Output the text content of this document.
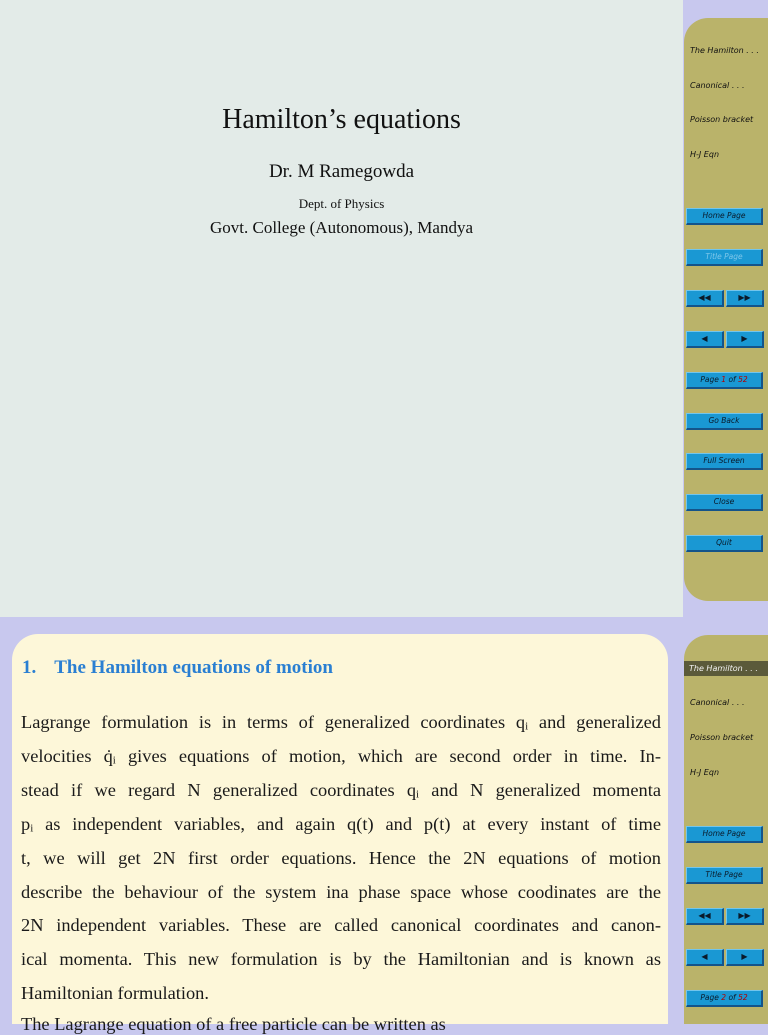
Hamilton’s equations
Dr. M Ramegowda
Dept. of Physics
Govt. College (Autonomous), Mandya
The Hamilton . . .
Canonical . . .
Poisson bracket
H-J Eqn
Home Page
Title Page
◀◀	▶▶
◀	▶
Page 1 of 52
Go Back
Full Screen
Close
Quit
1. The Hamilton equations of motion
Lagrange formulation is in terms of generalized coordinates qᵢ and generalized
velocities q̇ᵢ gives equations of motion, which are second order in time. In-
stead if we regard N generalized coordinates qᵢ and N generalized momenta
pᵢ as independent variables, and again q(t) and p(t) at every instant of time
t, we will get 2N first order equations. Hence the 2N equations of motion
describe the behaviour of the system ina phase space whose coodinates are the
2N independent variables. These are called canonical coordinates and canon-
ical momenta. This new formulation is by the Hamiltonian and is known as
Hamiltonian formulation.
The Lagrange equation of a free particle can be written as
The Hamilton . . .
Canonical . . .
Poisson bracket
H-J Eqn
Home Page
Title Page
◀◀	▶▶
◀	▶
Page 2 of 52
